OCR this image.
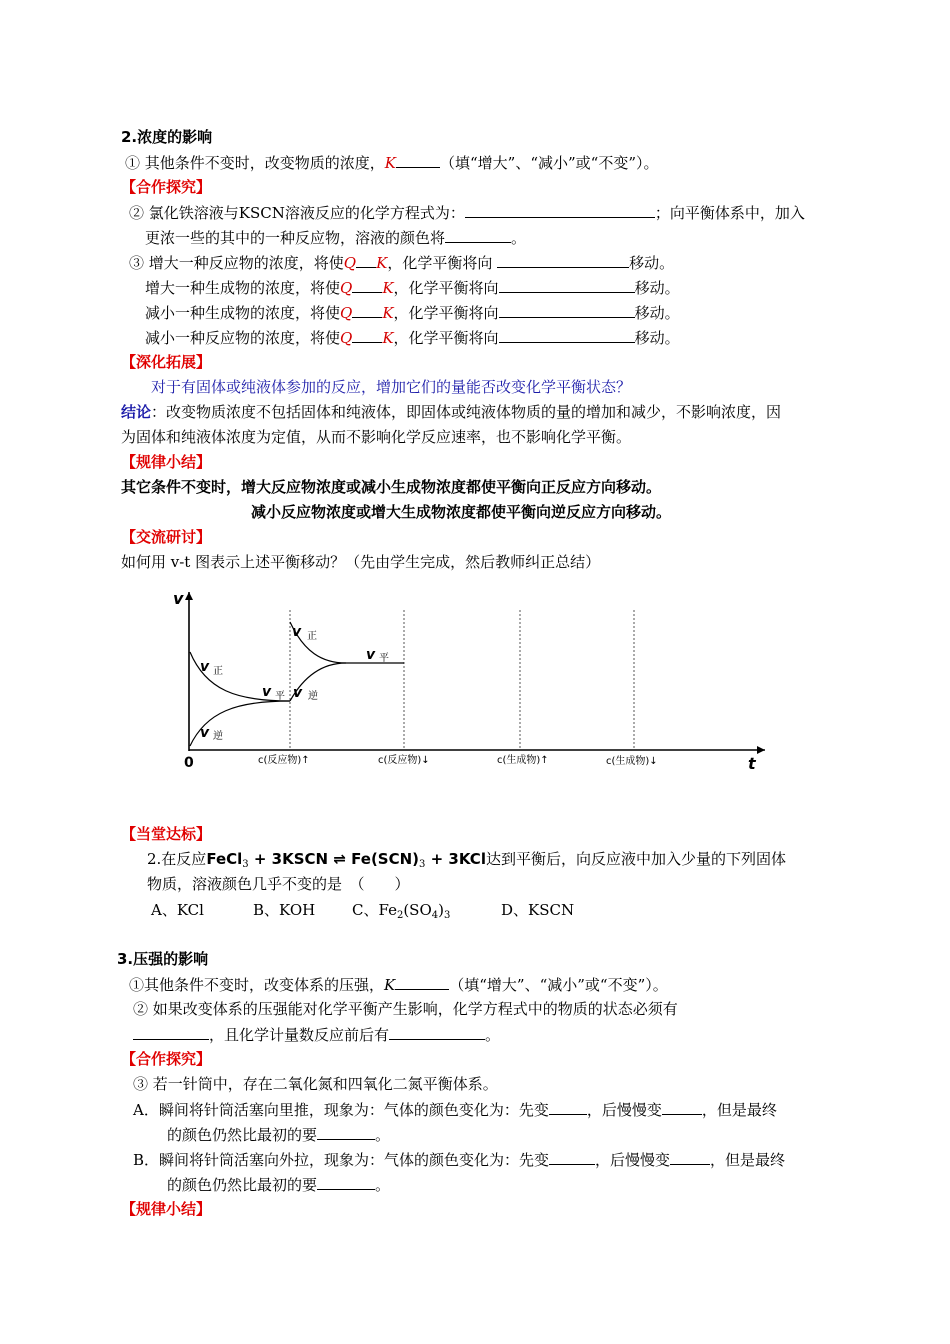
2.浓度的影响
① 其他条件不变时，改变物质的浓度，K	（填“增大”、“减小”或“不变”）。
【合作探究】
② 氯化铁溶液与KSCN溶液反应的化学方程式为：	；向平衡体系中，加入
更浓一些的其中的一种反应物，溶液的颜色将	。
③ 增大一种反应物的浓度，将使Q K，化学平衡将向	移动。
增大一种生成物的浓度，将使Q K，化学平衡将向	移动。
减小一种生成物的浓度，将使Q K，化学平衡将向	移动。
减小一种反应物的浓度，将使Q K，化学平衡将向	移动。
【深化拓展】
对于有固体或纯液体参加的反应，增加它们的量能否改变化学平衡状态？
结论：改变物质浓度不包括固体和纯液体，即固体或纯液体物质的量的增加和减少，不影响浓度，因
为固体和纯液体浓度为定值，从而不影响化学反应速率，也不影响化学平衡。
【规律小结】
其它条件不变时，增大反应物浓度或减小生成物浓度都使平衡向正反应方向移动。
减小反应物浓度或增大生成物浓度都使平衡向逆反应方向移动。
【交流研讨】
如何用 v-t 图表示上述平衡移动？（先由学生完成，然后教师纠正总结）
v
t
0
v 正
v 逆
v 平
v 正
v 逆
v 平
c(反应物)↑	c(反应物)↓	c(生成物)↑	c(生成物)↓
【当堂达标】
2.在反应FeCl$_3$ + 3KSCN ⇌ $Fe(SCN)_3 + 3KCl$达到平衡后，向反应液中加入少量的下列固体
物质，溶液颜色几乎不变的是　（　　）
A、KCl	B、KOH C、$Fe_2(SO_4)_3$	D、KSCN
3.压强的影响
①其他条件不变时，改变体系的压强，K	（填“增大”、“减小”或“不变”）。
② 如果改变体系的压强能对化学平衡产生影响，化学方程式中的物质的状态必须有
，且化学计量数反应前后有	。
【合作探究】
③ 若一针筒中，存在二氧化氮和四氧化二氮平衡体系。
A．瞬间将针筒活塞向里推，现象为：气体的颜色变化为：先变	，后慢慢变	，但是最终
的颜色仍然比最初的要	。
B．瞬间将针筒活塞向外拉，现象为：气体的颜色变化为：先变	，后慢慢变	，但是最终
的颜色仍然比最初的要	。
【规律小结】
